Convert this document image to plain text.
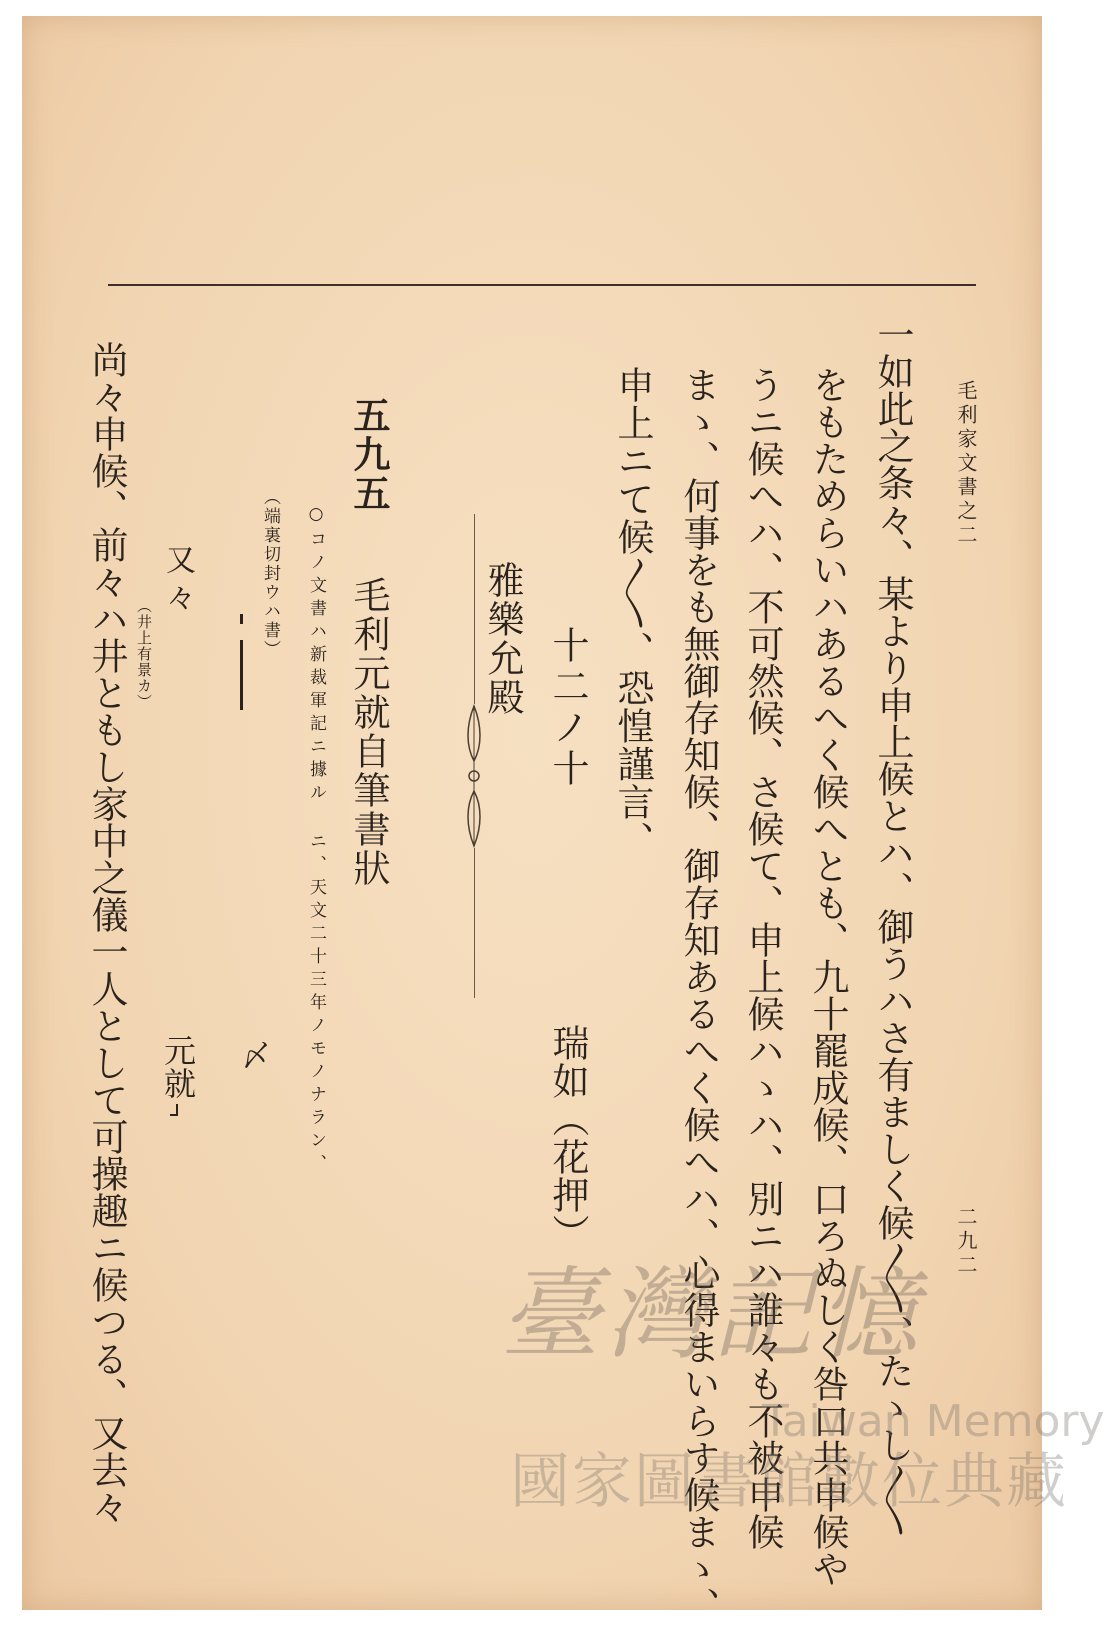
毛利家文書之二
二九二
一如此之条々、某より申上候とハ、御うハさ有ましく候〳〵、たゝし〳〵
をもためらいハあるへく候へとも、九十罷成候、口ろぬしく咎口共申候や
うニ候へハ、不可然候、さ候て、申上候ハゝハ、別ニハ誰々も不被申候
まゝ、何事をも無御存知候、御存知あるへく候へハ、心得まいらす候まゝ、
申上ニて候〳〵、恐惶謹言、
十二ノ十
瑞如（花押）
雅樂允殿
五九五
毛利元就自筆書狀
○コノ文書ハ新裁軍記ニ據ル ニ、天文二十三年ノモノナラン、
（端裏切封ウハ書）
〆
又々
（井上有景カ）
元就
尚々申候、前々ハ井ともし家中之儀一人として可操趣ニ候つる、又去々	臺灣記憶
Taiwan Memory
國家圖書館數位典藏
